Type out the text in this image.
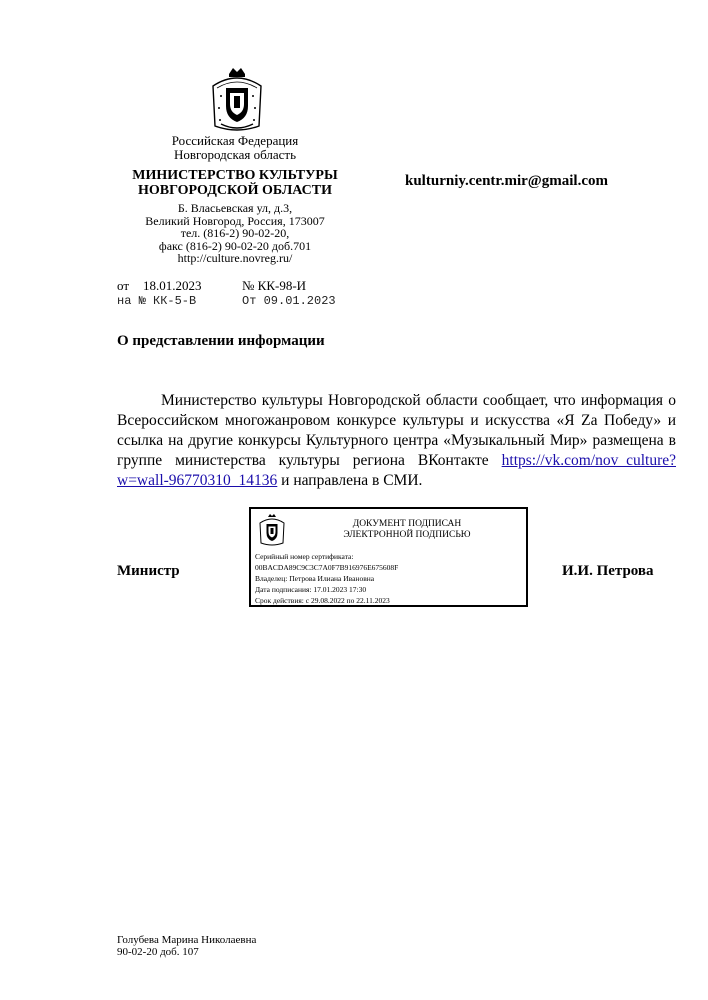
Российская Федерация
Новгородская область
МИНИСТЕРСТВО КУЛЬТУРЫ
НОВГОРОДСКОЙ ОБЛАСТИ
Б. Власьевская ул, д.3,
Великий Новгород, Россия, 173007
тел. (816-2) 90-02-20,
факс (816-2) 90-02-20 доб.701
http://culture.novreg.ru/
kulturniy.centr.mir@gmail.com
от 18.01.2023	№ КК-98-И
на № КК-5-В	От 09.01.2023
О представлении информации
Министерство культуры Новгородской области сообщает, что информация о Всероссийском многожанровом конкурсе культуры и искусства «Я Zа Победу» и ссылка на другие конкурсы Культурного центра «Музыкальный Мир» размещена в группе министерства культуры региона ВКонтакте https://vk.com/nov_culture?w=wall-96770310_14136 и направлена в СМИ.
Министр	И.И. Петрова
ДОКУМЕНТ ПОДПИСАН
ЭЛЕКТРОННОЙ ПОДПИСЬЮ
Серийный номер сертификата:
00BACDA89C9C3C7A0F7B916976E675608F
Владелец: Петрова Илиана Ивановна
Дата подписания: 17.01.2023 17:30
Срок действия: с 29.08.2022 по 22.11.2023
Голубева Марина Николаевна
90-02-20 доб. 107
